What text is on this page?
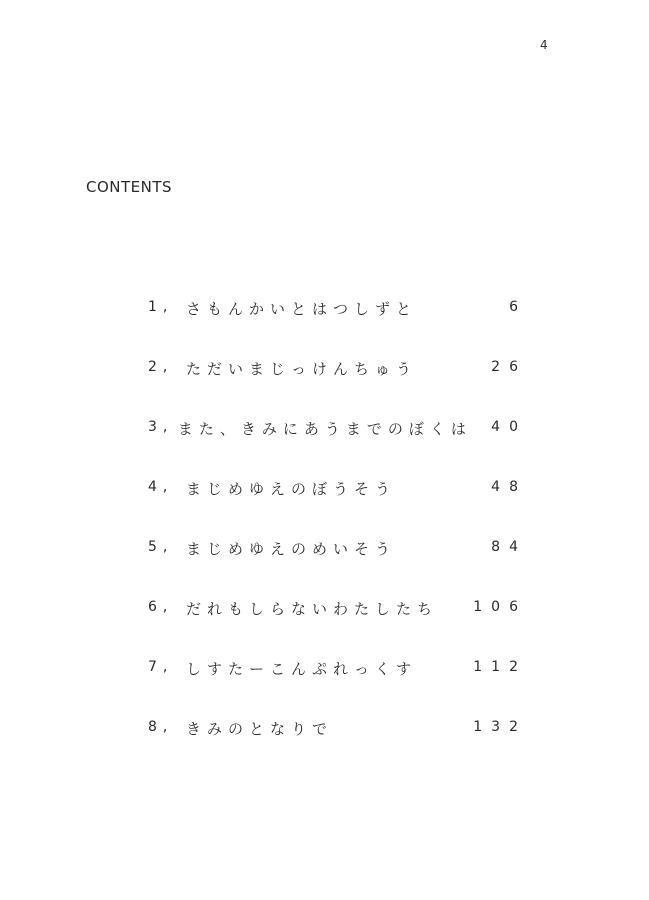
4
CONTENTS
1, さもんかいとはつしずと	6
2, ただいまじっけんちゅう	26
3, また、きみにあうまでのぼくは	40
4, まじめゆえのぼうそう	48
5, まじめゆえのめいそう	84
6, だれもしらないわたしたち	106
7, しすたーこんぷれっくす	112
8, きみのとなりで	132
